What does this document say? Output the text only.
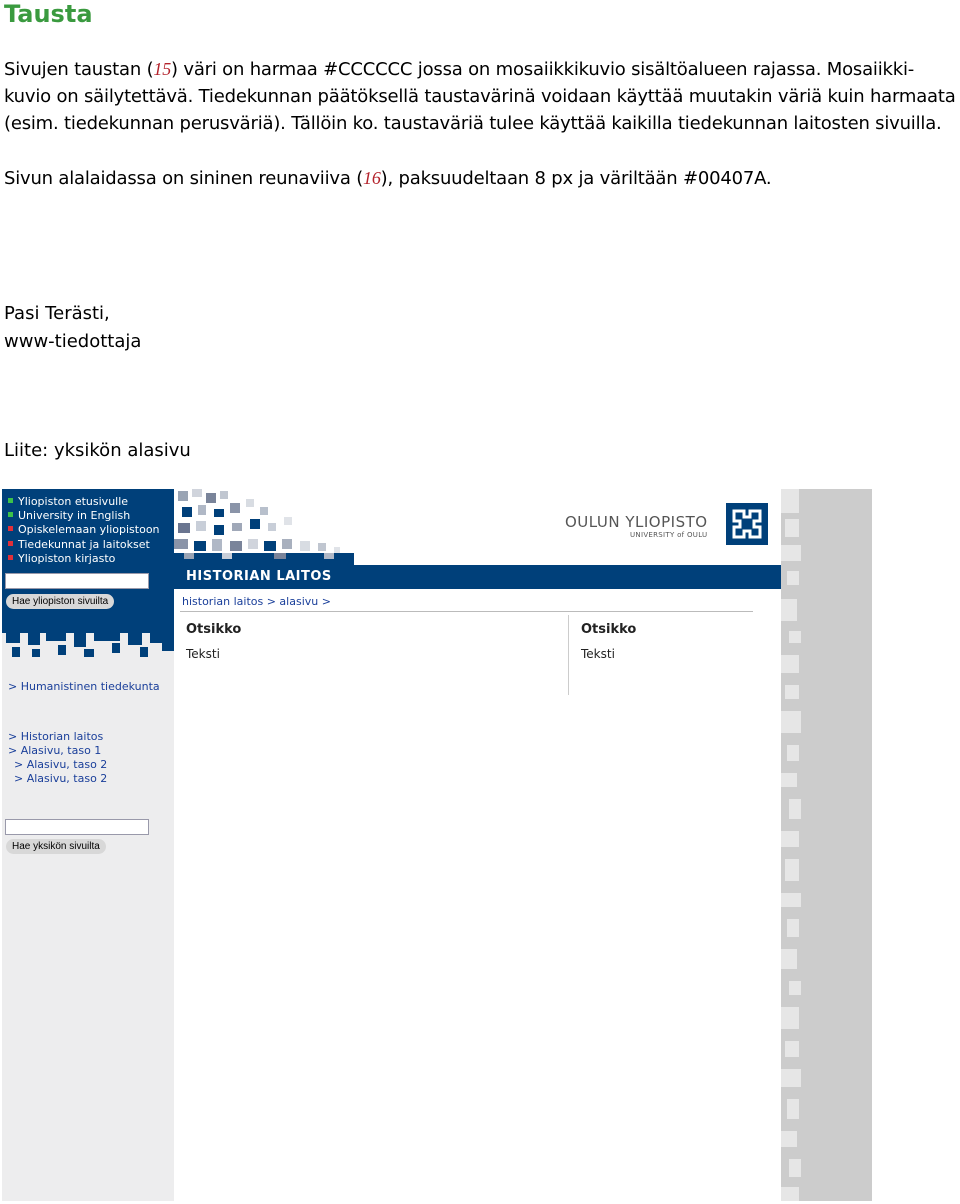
Tausta
Sivujen taustan (15) väri on harmaa #CCCCCC jossa on mosaiikkikuvio sisältöalueen rajassa. Mosaiikki-
kuvio on säilytettävä. Tiedekunnan päätöksellä taustavärinä voidaan käyttää muutakin väriä kuin harmaata
(esim. tiedekunnan perusväriä). Tällöin ko. taustaväriä tulee käyttää kaikilla tiedekunnan laitosten sivuilla.
Sivun alalaidassa on sininen reunaviiva (16), paksuudeltaan 8 px ja väriltään #00407A.
Pasi Terästi,
www-tiedottaja
Liite: yksikön alasivu
Yliopiston etusivulle
University in English
Opiskelemaan yliopistoon
Tiedekunnat ja laitokset
Yliopiston kirjasto
Hae yliopiston sivuilta
> Humanistinen tiedekunta
> Historian laitos
> Alasivu, taso 1
> Alasivu, taso 2
> Alasivu, taso 2
Hae yksikön sivuilta
OULUN YLIOPISTO
UNIVERSITY of OULU
HISTORIAN LAITOS
historian laitos > alasivu >
Otsikko
Teksti
Otsikko
Teksti
